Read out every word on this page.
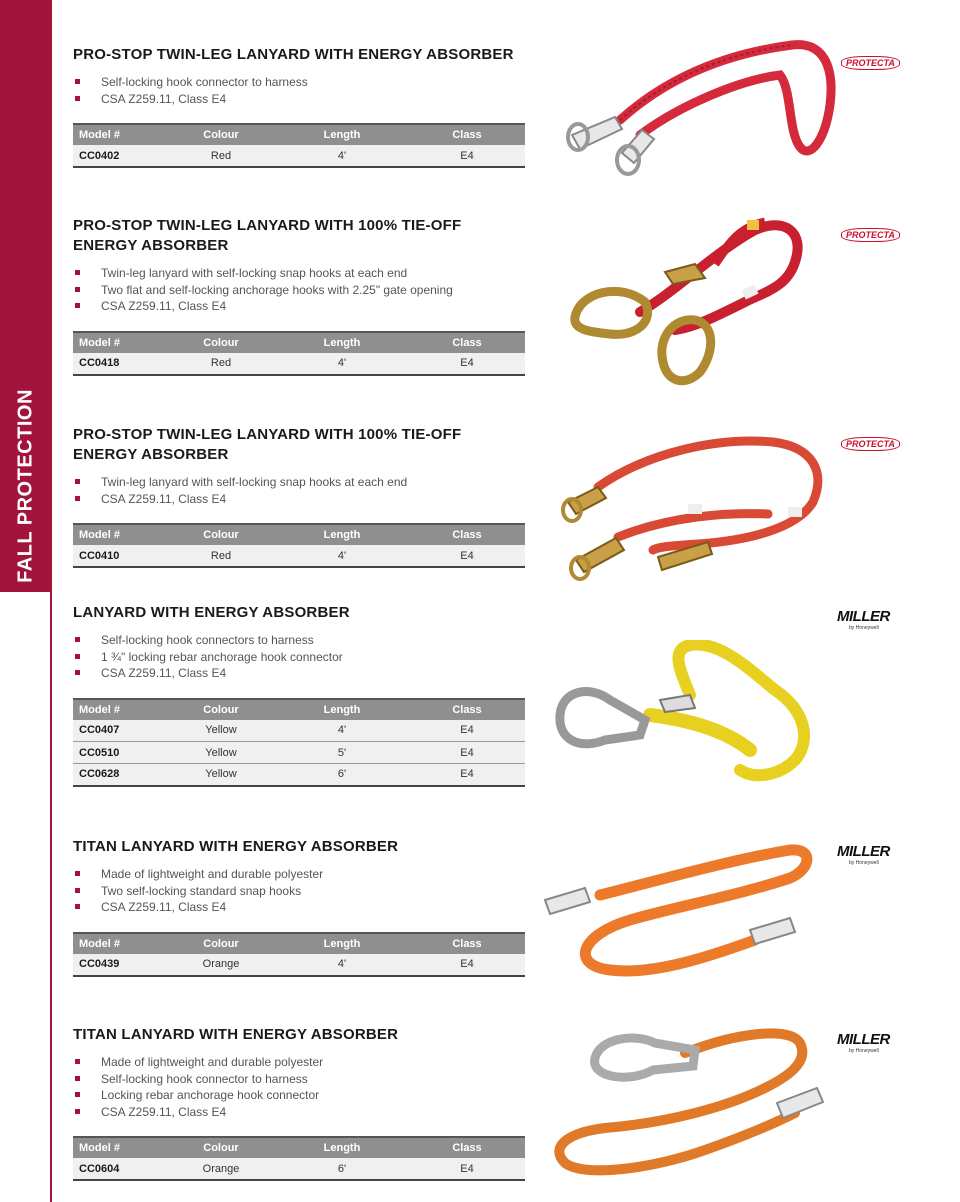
FALL PROTECTION
PRO-STOP TWIN-LEG LANYARD WITH ENERGY ABSORBER
Self-locking hook connector to harness
CSA Z259.11, Class E4
Model #	Colour	Length	Class
CC0402	Red	4'	E4
PRO-STOP TWIN-LEG LANYARD WITH 100% TIE-OFF
ENERGY ABSORBER
Twin-leg lanyard with self-locking snap hooks at each end
Two flat and self-locking anchorage hooks with 2.25" gate opening
CSA Z259.11, Class E4
Model #	Colour	Length	Class
CC0418	Red	4'	E4
PRO-STOP TWIN-LEG LANYARD WITH 100% TIE-OFF
ENERGY ABSORBER
Twin-leg lanyard with self-locking snap hooks at each end
CSA Z259.11, Class E4
Model #	Colour	Length	Class
CC0410	Red	4'	E4
LANYARD WITH ENERGY ABSORBER
Self-locking hook connectors to harness
1 ¾" locking rebar anchorage hook connector
CSA Z259.11, Class E4
Model #	Colour	Length	Class
CC0407	Yellow	4'	E4
CC0510	Yellow	5'	E4
CC0628	Yellow	6'	E4
TITAN LANYARD WITH ENERGY ABSORBER
Made of lightweight and durable polyester
Two self-locking standard snap hooks
CSA Z259.11, Class E4
Model #	Colour	Length	Class
CC0439	Orange	4'	E4
TITAN LANYARD WITH ENERGY ABSORBER
Made of lightweight and durable polyester
Self-locking hook connector to harness
Locking rebar anchorage hook connector
CSA Z259.11, Class E4
Model #	Colour	Length	Class
CC0604	Orange	6'	E4
PROTECTA
PROTECTA
PROTECTA
MILLER
by Honeywell
MILLER
by Honeywell
MILLER
by Honeywell
